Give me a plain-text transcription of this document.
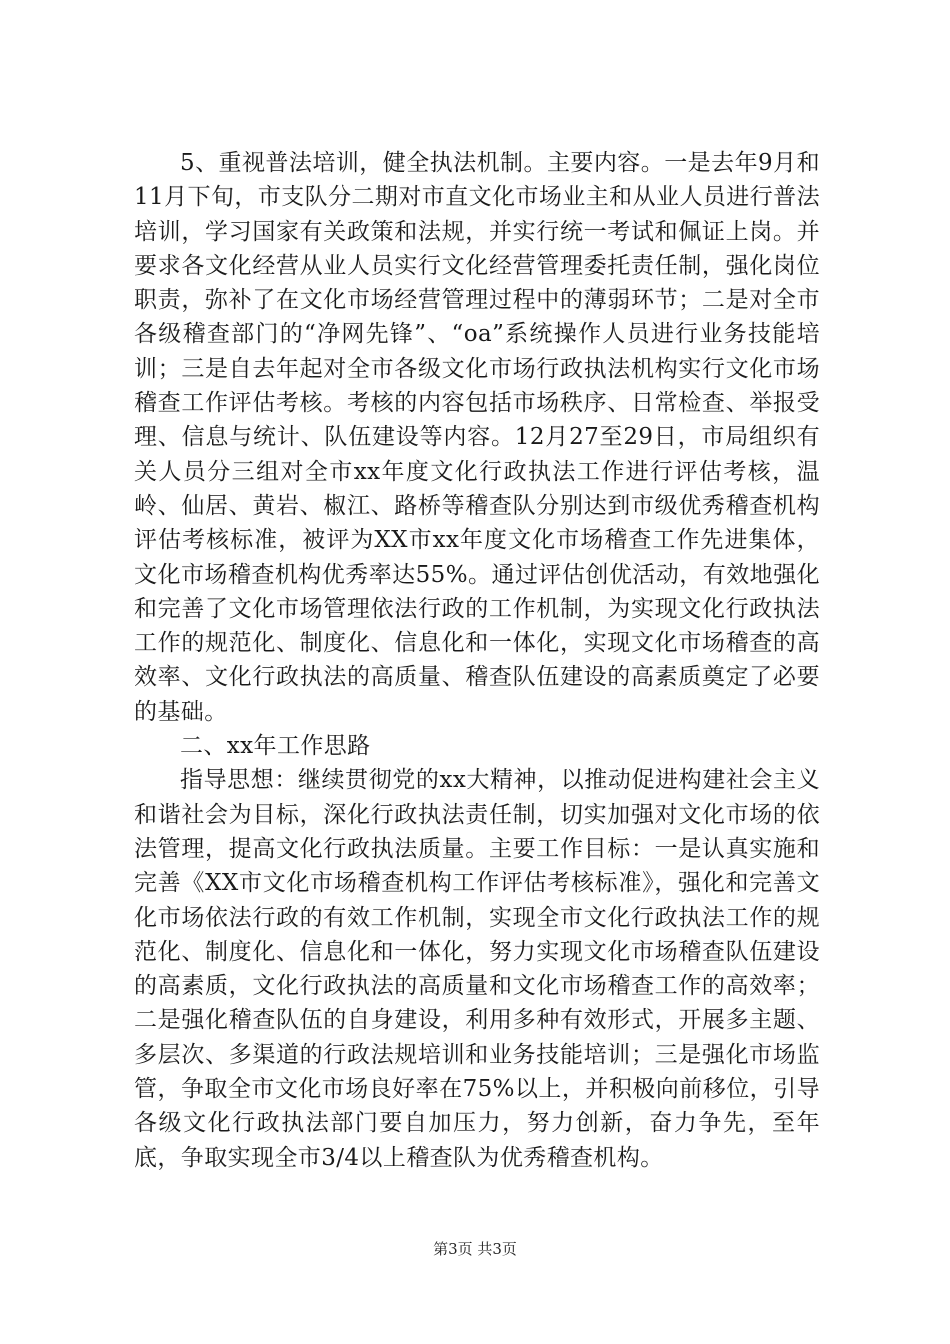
5、重视普法培训，健全执法机制。主要内容。一是去年9月和11月下旬，市支队分二期对市直文化市场业主和从业人员进行普法培训，学习国家有关政策和法规，并实行统一考试和佩证上岗。并要求各文化经营从业人员实行文化经营管理委托责任制，强化岗位职责，弥补了在文化市场经营管理过程中的薄弱环节；二是对全市各级稽查部门的“净网先锋”、“oa”系统操作人员进行业务技能培训；三是自去年起对全市各级文化市场行政执法机构实行文化市场稽查工作评估考核。考核的内容包括市场秩序、日常检查、举报受理、信息与统计、队伍建设等内容。12月27至29日，市局组织有关人员分三组对全市xx年度文化行政执法工作进行评估考核，温岭、仙居、黄岩、椒江、路桥等稽查队分别达到市级优秀稽查机构评估考核标准，被评为XX市xx年度文化市场稽查工作先进集体，文化市场稽查机构优秀率达55%。通过评估创优活动，有效地强化和完善了文化市场管理依法行政的工作机制，为实现文化行政执法工作的规范化、制度化、信息化和一体化，实现文化市场稽查的高效率、文化行政执法的高质量、稽查队伍建设的高素质奠定了必要的基础。

二、xx年工作思路

指导思想：继续贯彻党的xx大精神，以推动促进构建社会主义和谐社会为目标，深化行政执法责任制，切实加强对文化市场的依法管理，提高文化行政执法质量。主要工作目标：一是认真实施和完善《XX市文化市场稽查机构工作评估考核标准》，强化和完善文化市场依法行政的有效工作机制，实现全市文化行政执法工作的规范化、制度化、信息化和一体化，努力实现文化市场稽查队伍建设的高素质，文化行政执法的高质量和文化市场稽查工作的高效率；二是强化稽查队伍的自身建设，利用多种有效形式，开展多主题、多层次、多渠道的行政法规培训和业务技能培训；三是强化市场监管，争取全市文化市场良好率在75%以上，并积极向前移位，引导各级文化行政执法部门要自加压力，努力创新，奋力争先，至年底，争取实现全市3/4以上稽查队为优秀稽查机构。

第3页 共3页
